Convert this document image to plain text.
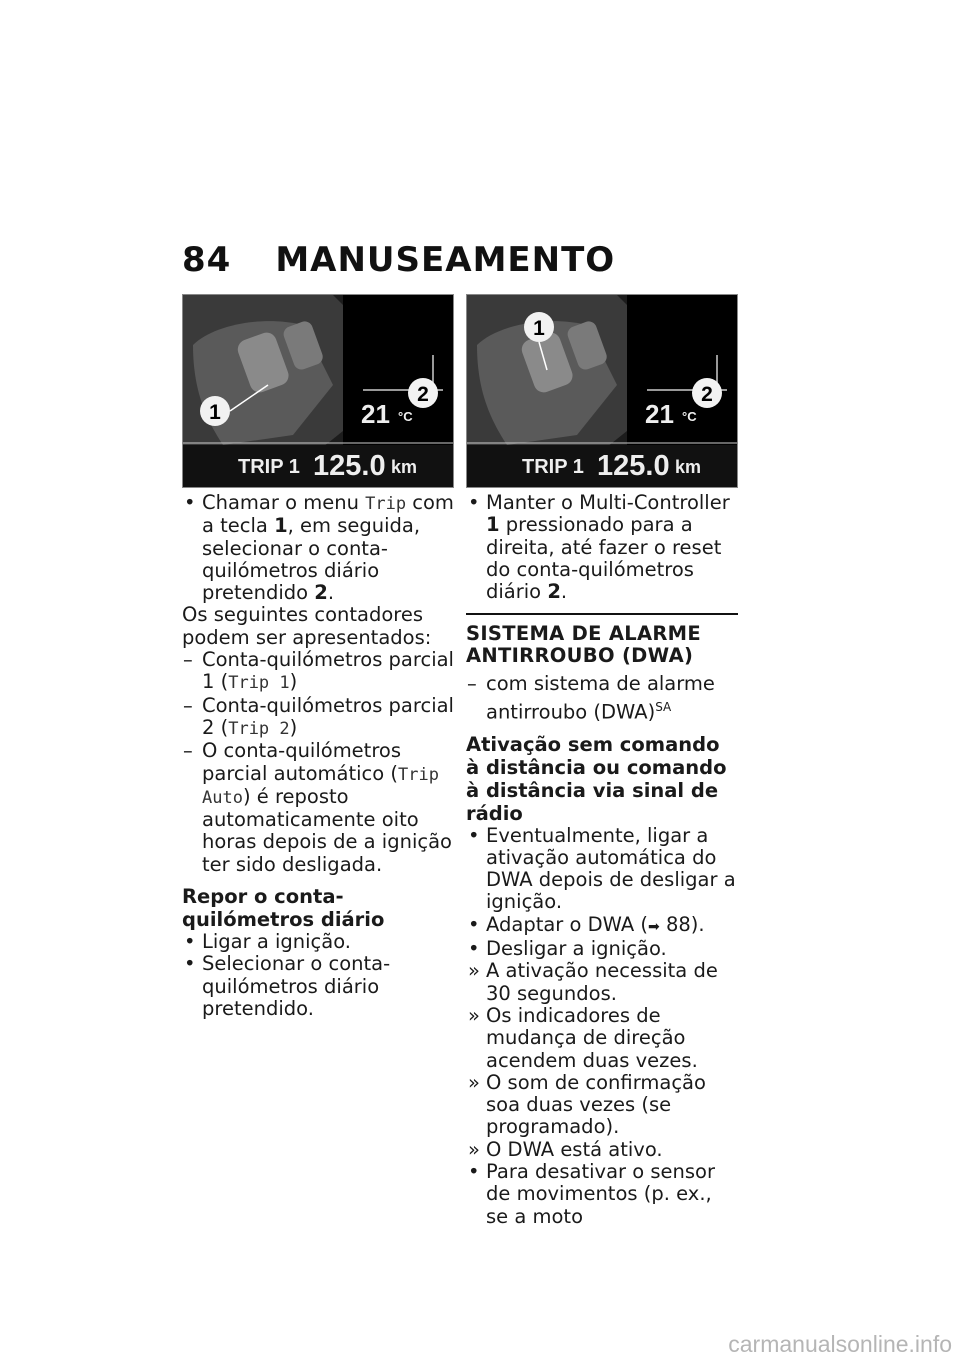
84 MANUSEAMENTO
2
1	21 °C
TRIP 1 125.0 km
2
1
21 °C
TRIP 1 125.0 km
• Chamar o menu Trip com a tecla 1, em seguida, selecionar o conta-quilómetros diário pretendido 2.

Os seguintes contadores podem ser apresentados:

– Conta-quilómetros parcial 1 (Trip 1)
– Conta-quilómetros parcial 2 (Trip 2)
– O conta-quilómetros parcial automático (Trip Auto) é reposto automaticamente oito horas depois de a ignição ter sido desligada.
Repor o conta-quilómetros diário
• Ligar a ignição.
• Selecionar o conta-quilómetros diário pretendido.
• Manter o Multi-Controller 1 pressionado para a direita, até fazer o reset do conta-quilómetros diário 2.
SISTEMA DE ALARME ANTIRROUBO (DWA)
– com sistema de alarme antirroubo (DWA)$^{SA}$
Ativação sem comando à distância ou comando à distância via sinal de rádio
• Eventualmente, ligar a ativação automática do DWA depois de desligar a ignição.
• Adaptar o DWA (➡ 88).
• Desligar a ignição.
» A ativação necessita de 30 segundos.
» Os indicadores de mudança de direção acendem duas vezes.
» O som de confirmação soa duas vezes (se programado).
» O DWA está ativo.
• Para desativar o sensor de movimentos (p. ex., se a moto
carmanualsonline.info
